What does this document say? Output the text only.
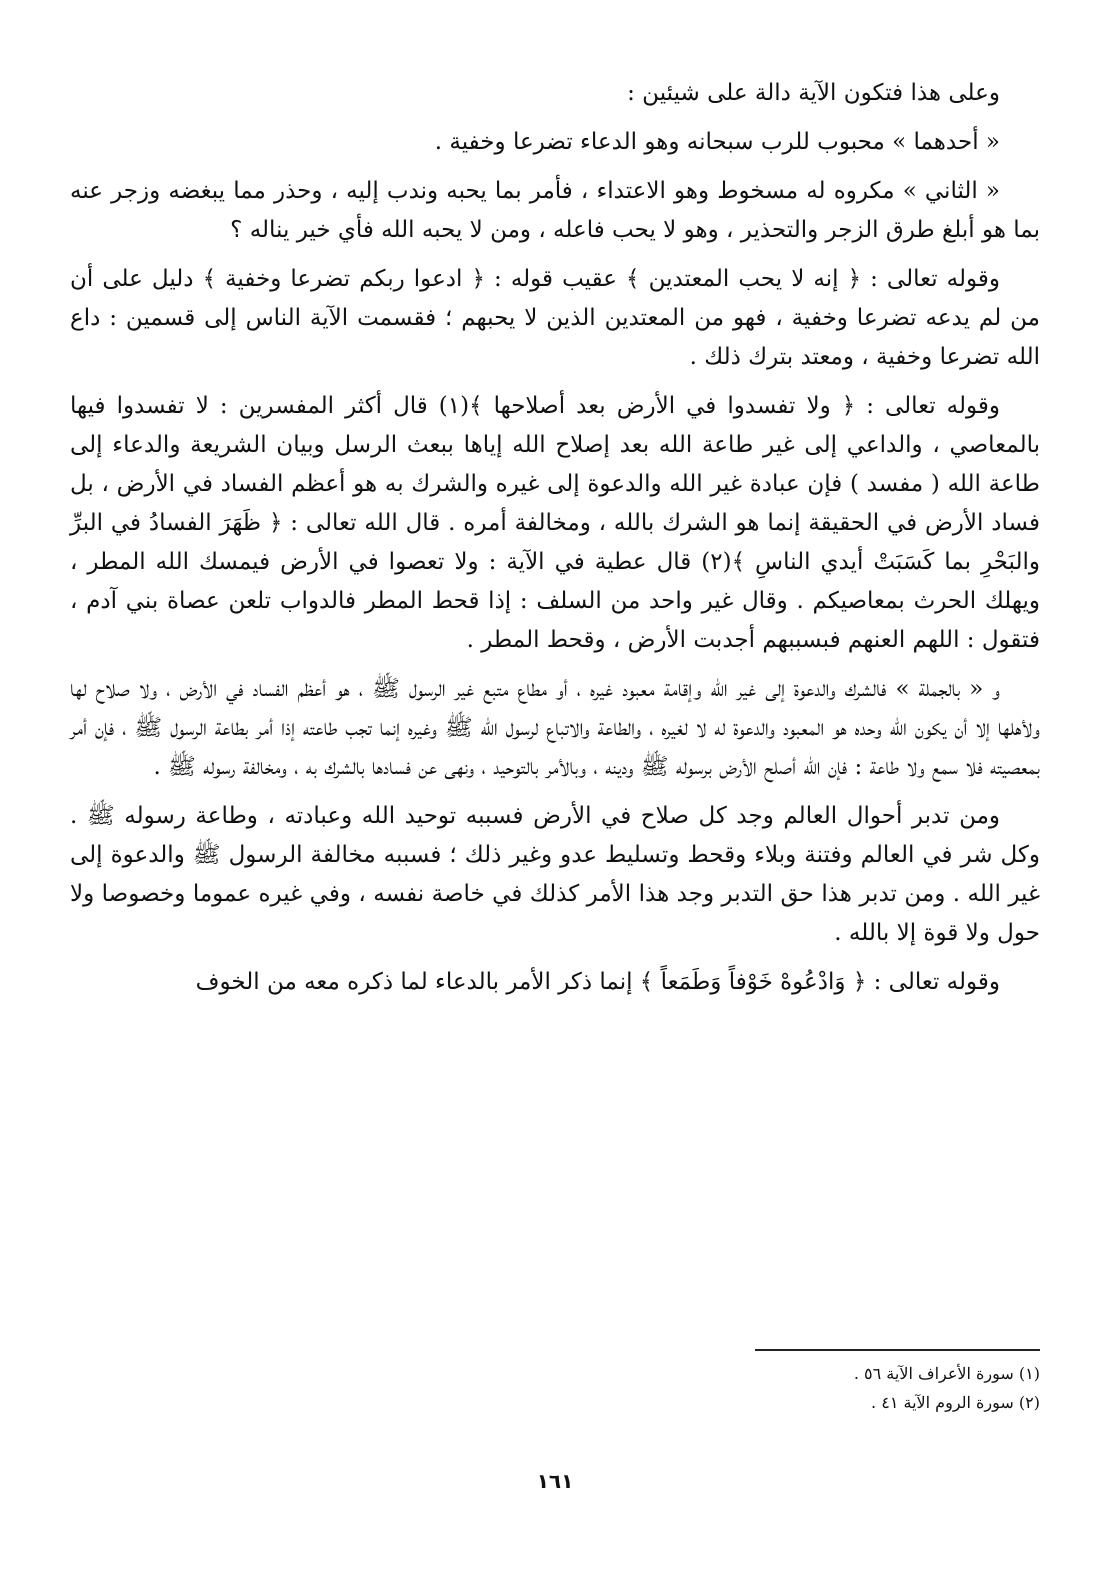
وعلى هذا فتكون الآية دالة على شيئين :

« أحدهما » محبوب للرب سبحانه وهو الدعاء تضرعا وخفية .

« الثاني » مكروه له مسخوط وهو الاعتداء ، فأمر بما يحبه وندب إليه ، وحذر مما يبغضه وزجر عنه بما هو أبلغ طرق الزجر والتحذير ، وهو لا يحب فاعله ، ومن لا يحبه الله فأي خير يناله ؟

وقوله تعالى : ﴿ إنه لا يحب المعتدين ﴾ عقيب قوله : ﴿ ادعوا ربكم تضرعا وخفية ﴾ دليل على أن من لم يدعه تضرعا وخفية ، فهو من المعتدين الذين لا يحبهم ؛ فقسمت الآية الناس إلى قسمين : داع الله تضرعا وخفية ، ومعتد بترك ذلك .

وقوله تعالى : ﴿ ولا تفسدوا في الأرض بعد أصلاحها ﴾(١) قال أكثر المفسرين : لا تفسدوا فيها بالمعاصي ، والداعي إلى غير طاعة الله بعد إصلاح الله إياها ببعث الرسل وبيان الشريعة والدعاء إلى طاعة الله ( مفسد ) فإن عبادة غير الله والدعوة إلى غيره والشرك به هو أعظم الفساد في الأرض ، بل فساد الأرض في الحقيقة إنما هو الشرك بالله ، ومخالفة أمره . قال الله تعالى : ﴿ ظَهَرَ الفسادُ في البرِّ والبَحْرِ بما كَسَبَتْ أيدي الناسِ ﴾(٢) قال عطية في الآية : ولا تعصوا في الأرض فيمسك الله المطر ، ويهلك الحرث بمعاصيكم . وقال غير واحد من السلف : إذا قحط المطر فالدواب تلعن عصاة بني آدم ، فتقول : اللهم العنهم فبسببهم أجدبت الأرض ، وقحط المطر .

و « بالجملة » فالشرك والدعوة إلى غير الله وإقامة معبود غيره ، أو مطاع متبع غير الرسول ﷺ ، هو أعظم الفساد في الأرض ، ولا صلاح لها ولأهلها إلا أن يكون الله وحده هو المعبود والدعوة له لا لغيره ، والطاعة والاتباع لرسول الله ﷺ وغيره إنما تجب طاعته إذا أمر بطاعة الرسول ﷺ ، فإن أمر بمعصيته فلا سمع ولا طاعة : فإن الله أصلح الأرض برسوله ﷺ ودينه ، وبالأمر بالتوحيد ، ونهى عن فسادها بالشرك به ، ومخالفة رسوله ﷺ .

ومن تدبر أحوال العالم وجد كل صلاح في الأرض فسببه توحيد الله وعبادته ، وطاعة رسوله ﷺ . وكل شر في العالم وفتنة وبلاء وقحط وتسليط عدو وغير ذلك ؛ فسببه مخالفة الرسول ﷺ والدعوة إلى غير الله . ومن تدبر هذا حق التدبر وجد هذا الأمر كذلك في خاصة نفسه ، وفي غيره عموما وخصوصا ولا حول ولا قوة إلا بالله .

وقوله تعالى : ﴿ وَادْعُوهْ خَوْفاً وَطَمَعاً ﴾ إنما ذكر الأمر بالدعاء لما ذكره معه من الخوف

(١) سورة الأعراف الآية ٥٦ .
(٢) سورة الروم الآية ٤١ .
١٦١
